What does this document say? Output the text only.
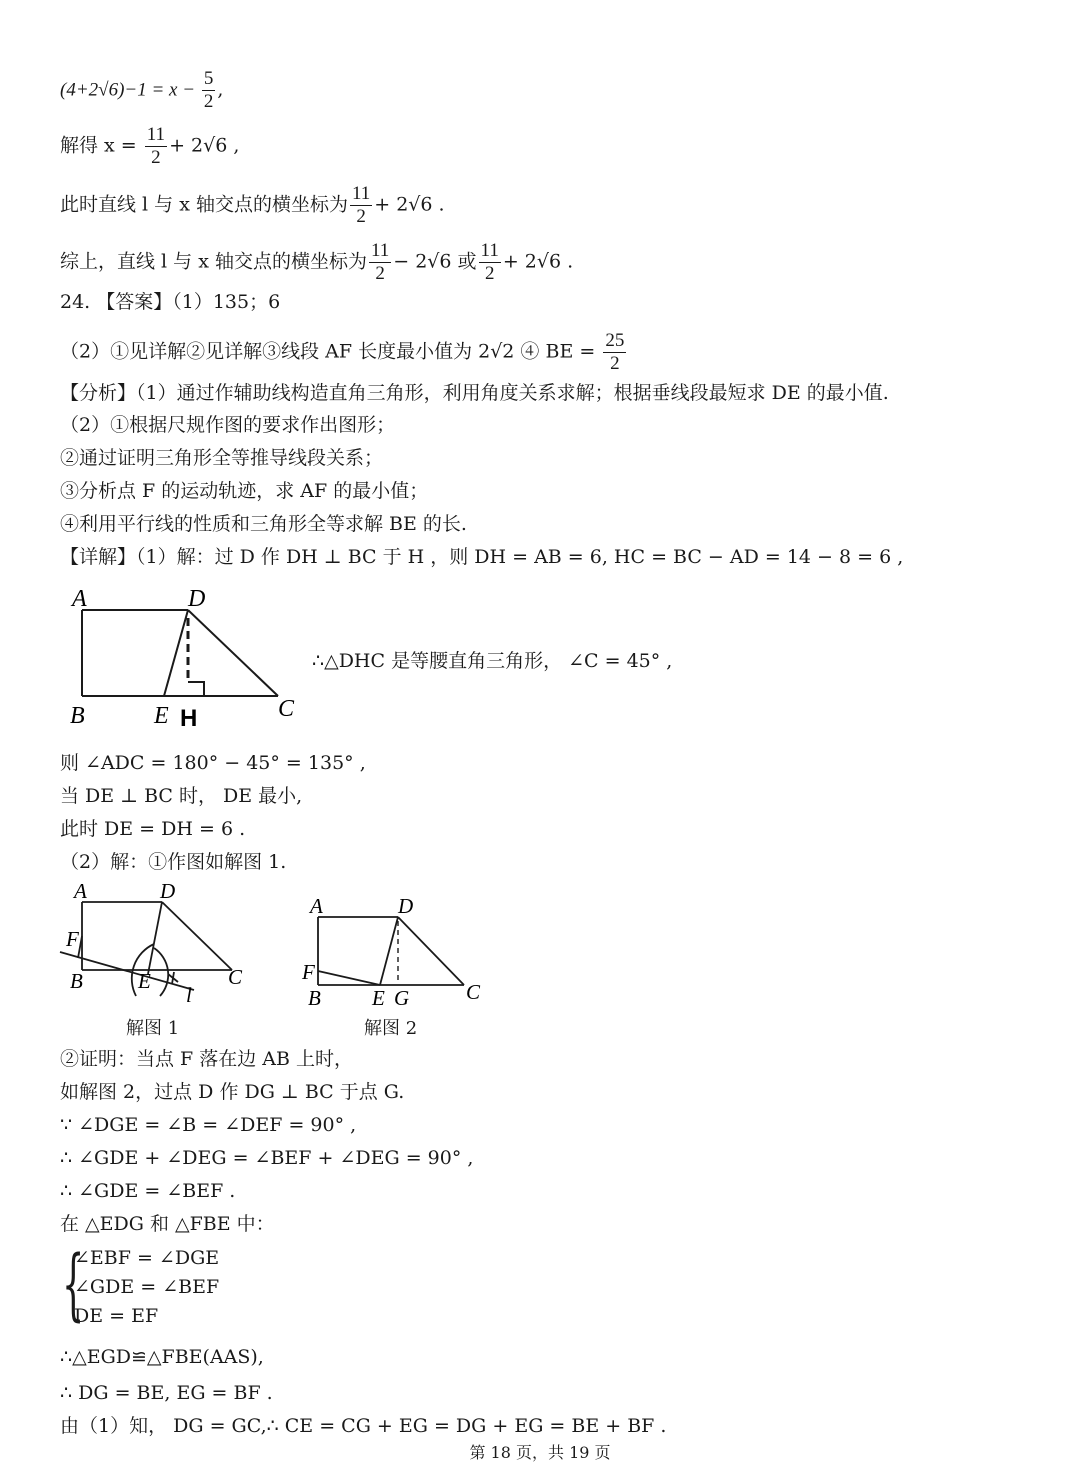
$(4+2√6)-1 = x - \frac{5}{2}$ ,
解得 $x = \frac{11}{2} + 2√6$ ,
此时直线 l 与 x 轴交点的横坐标为 $\frac{11}{2} + 2√6$ .
综上，直线 l 与 x 轴交点的横坐标为 $\frac{11}{2} - 2√6$ 或 $\frac{11}{2} + 2√6$ .
24. 【答案】（1）135；6
（2）①见详解②见详解③线段 AF 长度最小值为 2√2 ④ BE = $\frac{25}{2}$
【分析】（1）通过作辅助线构造直角三角形，利用角度关系求解；根据垂线段最短求 DE 的最小值.
（2）①根据尺规作图的要求作出图形；
②通过证明三角形全等推导线段关系；
③分析点 F 的运动轨迹，求 AF 的最小值；
④利用平行线的性质和三角形全等求解 BE 的长.
【详解】（1）解：过 D 作 DH ⊥ BC 于 H ，则 DH = AB = 6, HC = BC − AD = 14 − 8 = 6 ,
A	D
B	E H	C
∴△DHC 是等腰直角三角形， ∠C = 45° ,
则 ∠ADC = 180° − 45° = 135° ,
当 DE ⊥ BC 时， DE 最小,
此时 DE = DH = 6 .
（2）解：①作图如解图 1.
A	D
F
B	E	C
l
解图 1
A	D
F
B E G	C
解图 2
②证明：当点 F 落在边 AB 上时，
如解图 2，过点 D 作 DG ⊥ BC 于点 G.
∵ ∠DGE = ∠B = ∠DEF = 90° ,
∴ ∠GDE + ∠DEG = ∠BEF + ∠DEG = 90° ,
∴ ∠GDE = ∠BEF .
在 △EDG 和 △FBE 中：
{
∠EBF = ∠DGE
∠GDE = ∠BEF
DE = EF
∴△EGD≌△FBE(AAS),
∴ DG = BE, EG = BF .
由（1）知， DG = GC,∴ CE = CG + EG = DG + EG = BE + BF .
第 18 页，共 19 页
